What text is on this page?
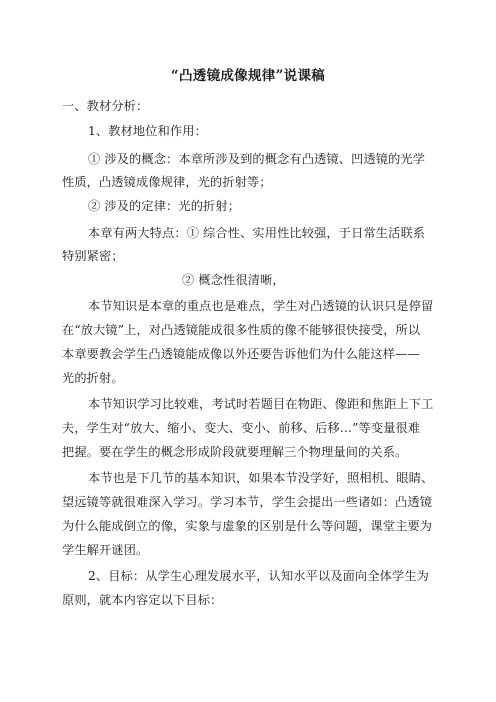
“凸透镜成像规律”说课稿
一、教材分析：
1、教材地位和作用：
① 涉及的概念：本章所涉及到的概念有凸透镜、凹透镜的光学
性质，凸透镜成像规律，光的折射等；
② 涉及的定律：光的折射；
本章有两大特点：① 综合性、实用性比较强，于日常生活联系
特别紧密；
② 概念性很清晰，
本节知识是本章的重点也是难点，学生对凸透镜的认识只是停留
在“放大镜”上，对凸透镜能成很多性质的像不能够很快接受，所以
本章要教会学生凸透镜能成像以外还要告诉他们为什么能这样——
光的折射。
本节知识学习比较难，考试时若题目在物距、像距和焦距上下工
夫，学生对“放大、缩小、变大、变小、前移、后移…”等变量很难
把握。要在学生的概念形成阶段就要理解三个物理量间的关系。
本节也是下几节的基本知识，如果本节没学好，照相机、眼睛、
望远镜等就很难深入学习。学习本节，学生会提出一些诸如：凸透镜
为什么能成倒立的像，实象与虚象的区别是什么等问题，课堂主要为
学生解开谜团。
2、目标：从学生心理发展水平，认知水平以及面向全体学生为
原则，就本内容定以下目标：
